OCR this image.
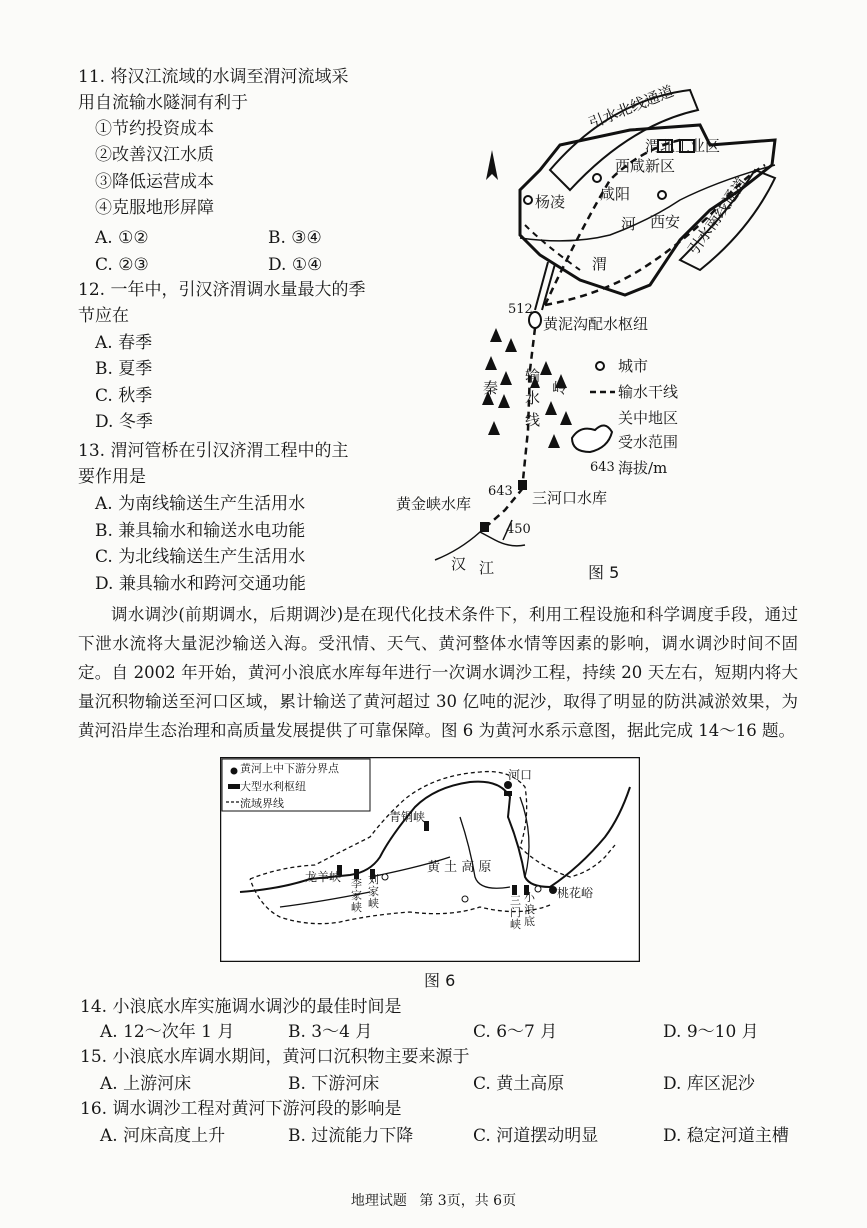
11. 将汉江流域的水调至渭河流域采
用自流输水隧洞有利于
①节约投资成本
②改善汉江水质
③降低运营成本
④克服地形屏障
A. ①②	B. ③④
C. ②③	D. ①④
12. 一年中，引汉济渭调水量最大的季
节应在
A. 春季
B. 夏季
C. 秋季
D. 冬季
13. 渭河管桥在引汉济渭工程中的主
要作用是
A. 为南线输送生产生活用水
B. 兼具输水和输送水电功能
C. 为北线输送生产生活用水
D. 兼具输水和跨河交通功能
引水北线通道
引水南线通道
渭北工业区
西咸新区
杨凌 咸阳
西安
河
渭
512
黄泥沟配水枢纽
秦	岭
输
水
线
643 三河口水库
黄金峡水库
450
汉 江
城市
输水干线
关中地区
受水范围
643 海拔/m
图 5

调水调沙(前期调水，后期调沙)是在现代化技术条件下，利用工程设施和科学调度手段，通过下泄水流将大量泥沙输送入海。受汛情、天气、黄河整体水情等因素的影响，调水调沙时间不固定。自 2002 年开始，黄河小浪底水库每年进行一次调水调沙工程，持续 20 天左右，短期内将大量沉积物输送至河口区域，累计输送了黄河超过 30 亿吨的泥沙，取得了明显的防洪减淤效果，为黄河沿岸生态治理和高质量发展提供了可靠保障。图 6 为黄河水系示意图，据此完成 14～16 题。

黄河上中下游分界点
大型水利枢纽
流域界线
河口
青铜峡
黄 土 高 原
龙羊峡 李
家
峡
刘
家
峡	三
门
峡
小
浪
底
桃花峪
图 6
14. 小浪底水库实施调水调沙的最佳时间是
A. 12～次年 1 月	B. 3～4 月	C. 6～7 月	D. 9～10 月
15. 小浪底水库调水期间，黄河口沉积物主要来源于
A. 上游河床	B. 下游河床	C. 黄土高原	D. 库区泥沙
16. 调水调沙工程对黄河下游河段的影响是
A. 河床高度上升	B. 过流能力下降	C. 河道摆动明显	D. 稳定河道主槽
地理试题 第 3页，共 6页
